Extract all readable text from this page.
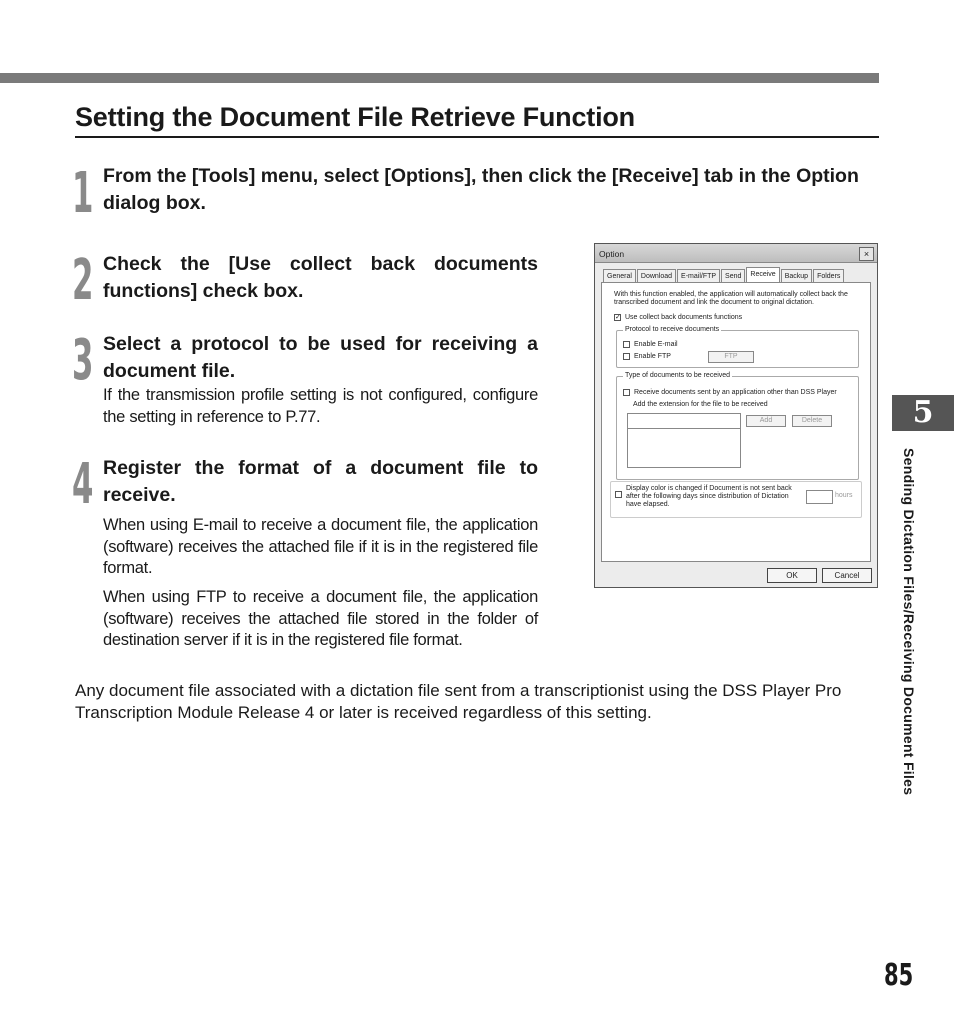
Setting the Document File Retrieve Function
1 From the [Tools] menu, select [Options], then click the [Receive] tab in the Option dialog box.
2 Check the [Use collect back documents functions] check box.
3 Select a protocol to be used for receiving a document file.
If the transmission profile setting is not configured, configure the setting in reference to P.77.
4 Register the format of a document file to receive.
When using E-mail to receive a document file, the application (software) receives the attached file if it is in the registered file format.
When using FTP to receive a document file, the application (software) receives the attached file stored in the folder of destination server if it is in the registered file format.
Any document file associated with a dictation file sent from a transcriptionist using the DSS Player Pro Transcription Module Release 4 or later is received regardless of this setting.
Option	×
General	Download	E-mail/FTP	Send	Receive	Backup	Folders
With this function enabled, the application will automatically collect back the transcribed document and link the document to original dictation.
✓ Use collect back documents functions
Protocol to receive documents
Enable E-mail
Enable FTP	FTP
Type of documents to be received
Receive documents sent by an application other than DSS Player
Add the extension for the file to be received
Add	Delete
Display color is changed if Document is not sent back after the following days since distribution of Dictation have elapsed.
hours
OK	Cancel
5
Sending Dictation Files/Receiving Document Files
85
